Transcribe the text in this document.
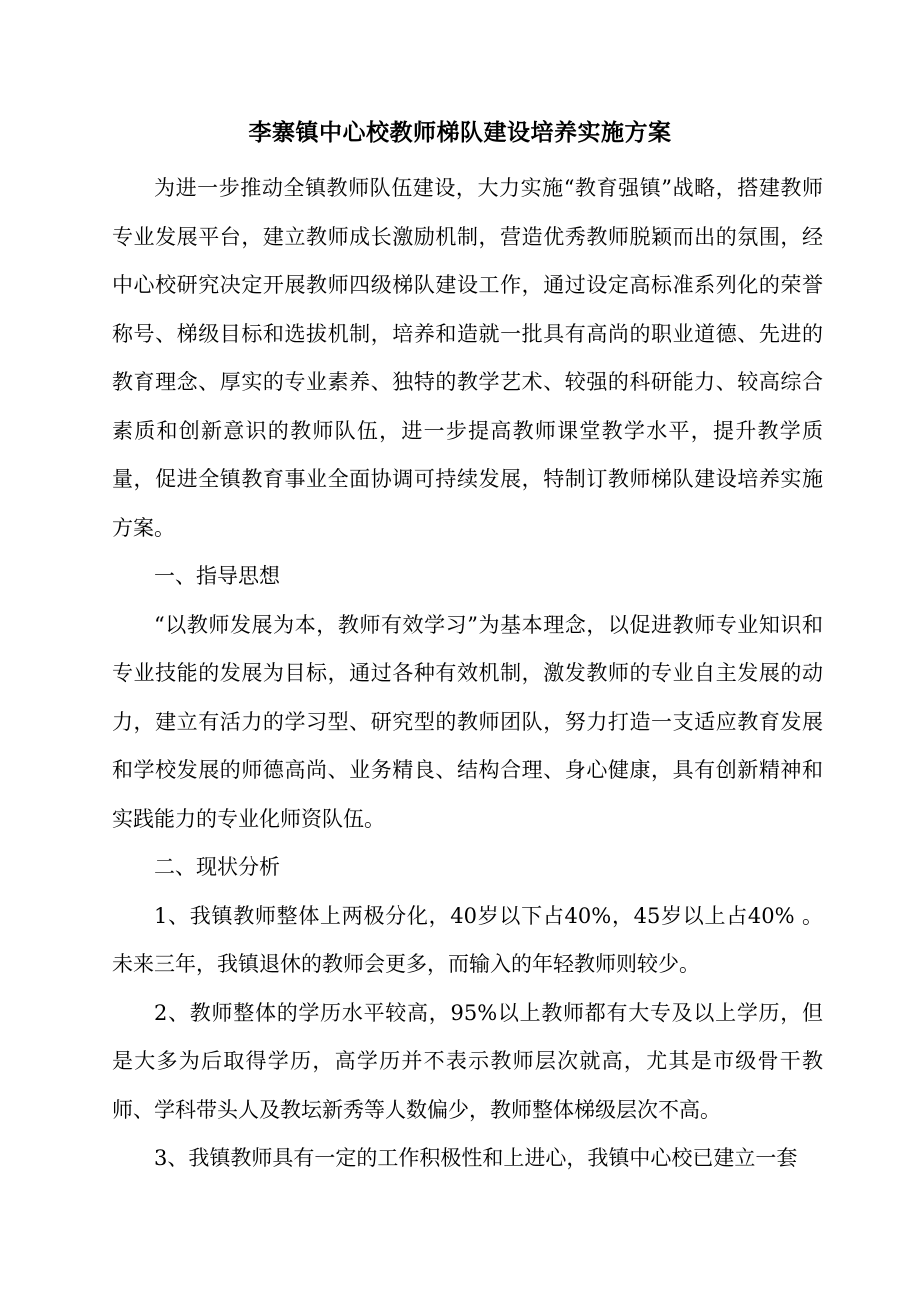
李寨镇中心校教师梯队建设培养实施方案

为进一步推动全镇教师队伍建设，大力实施“教育强镇”战略，搭建教师专业发展平台，建立教师成长激励机制，营造优秀教师脱颖而出的氛围，经中心校研究决定开展教师四级梯队建设工作，通过设定高标准系列化的荣誉称号、梯级目标和选拔机制，培养和造就一批具有高尚的职业道德、先进的教育理念、厚实的专业素养、独特的教学艺术、较强的科研能力、较高综合素质和创新意识的教师队伍，进一步提高教师课堂教学水平，提升教学质量，促进全镇教育事业全面协调可持续发展，特制订教师梯队建设培养实施方案。

一、指导思想

“以教师发展为本，教师有效学习”为基本理念，以促进教师专业知识和专业技能的发展为目标，通过各种有效机制，激发教师的专业自主发展的动力，建立有活力的学习型、研究型的教师团队，努力打造一支适应教育发展和学校发展的师德高尚、业务精良、结构合理、身心健康，具有创新精神和实践能力的专业化师资队伍。

二、现状分析

1、我镇教师整体上两极分化，40岁以下占40%，45岁以上占40% 。未来三年，我镇退休的教师会更多，而输入的年轻教师则较少。

2、教师整体的学历水平较高，95%以上教师都有大专及以上学历，但是大多为后取得学历，高学历并不表示教师层次就高，尤其是市级骨干教师、学科带头人及教坛新秀等人数偏少，教师整体梯级层次不高。

3、我镇教师具有一定的工作积极性和上进心，我镇中心校已建立一套
